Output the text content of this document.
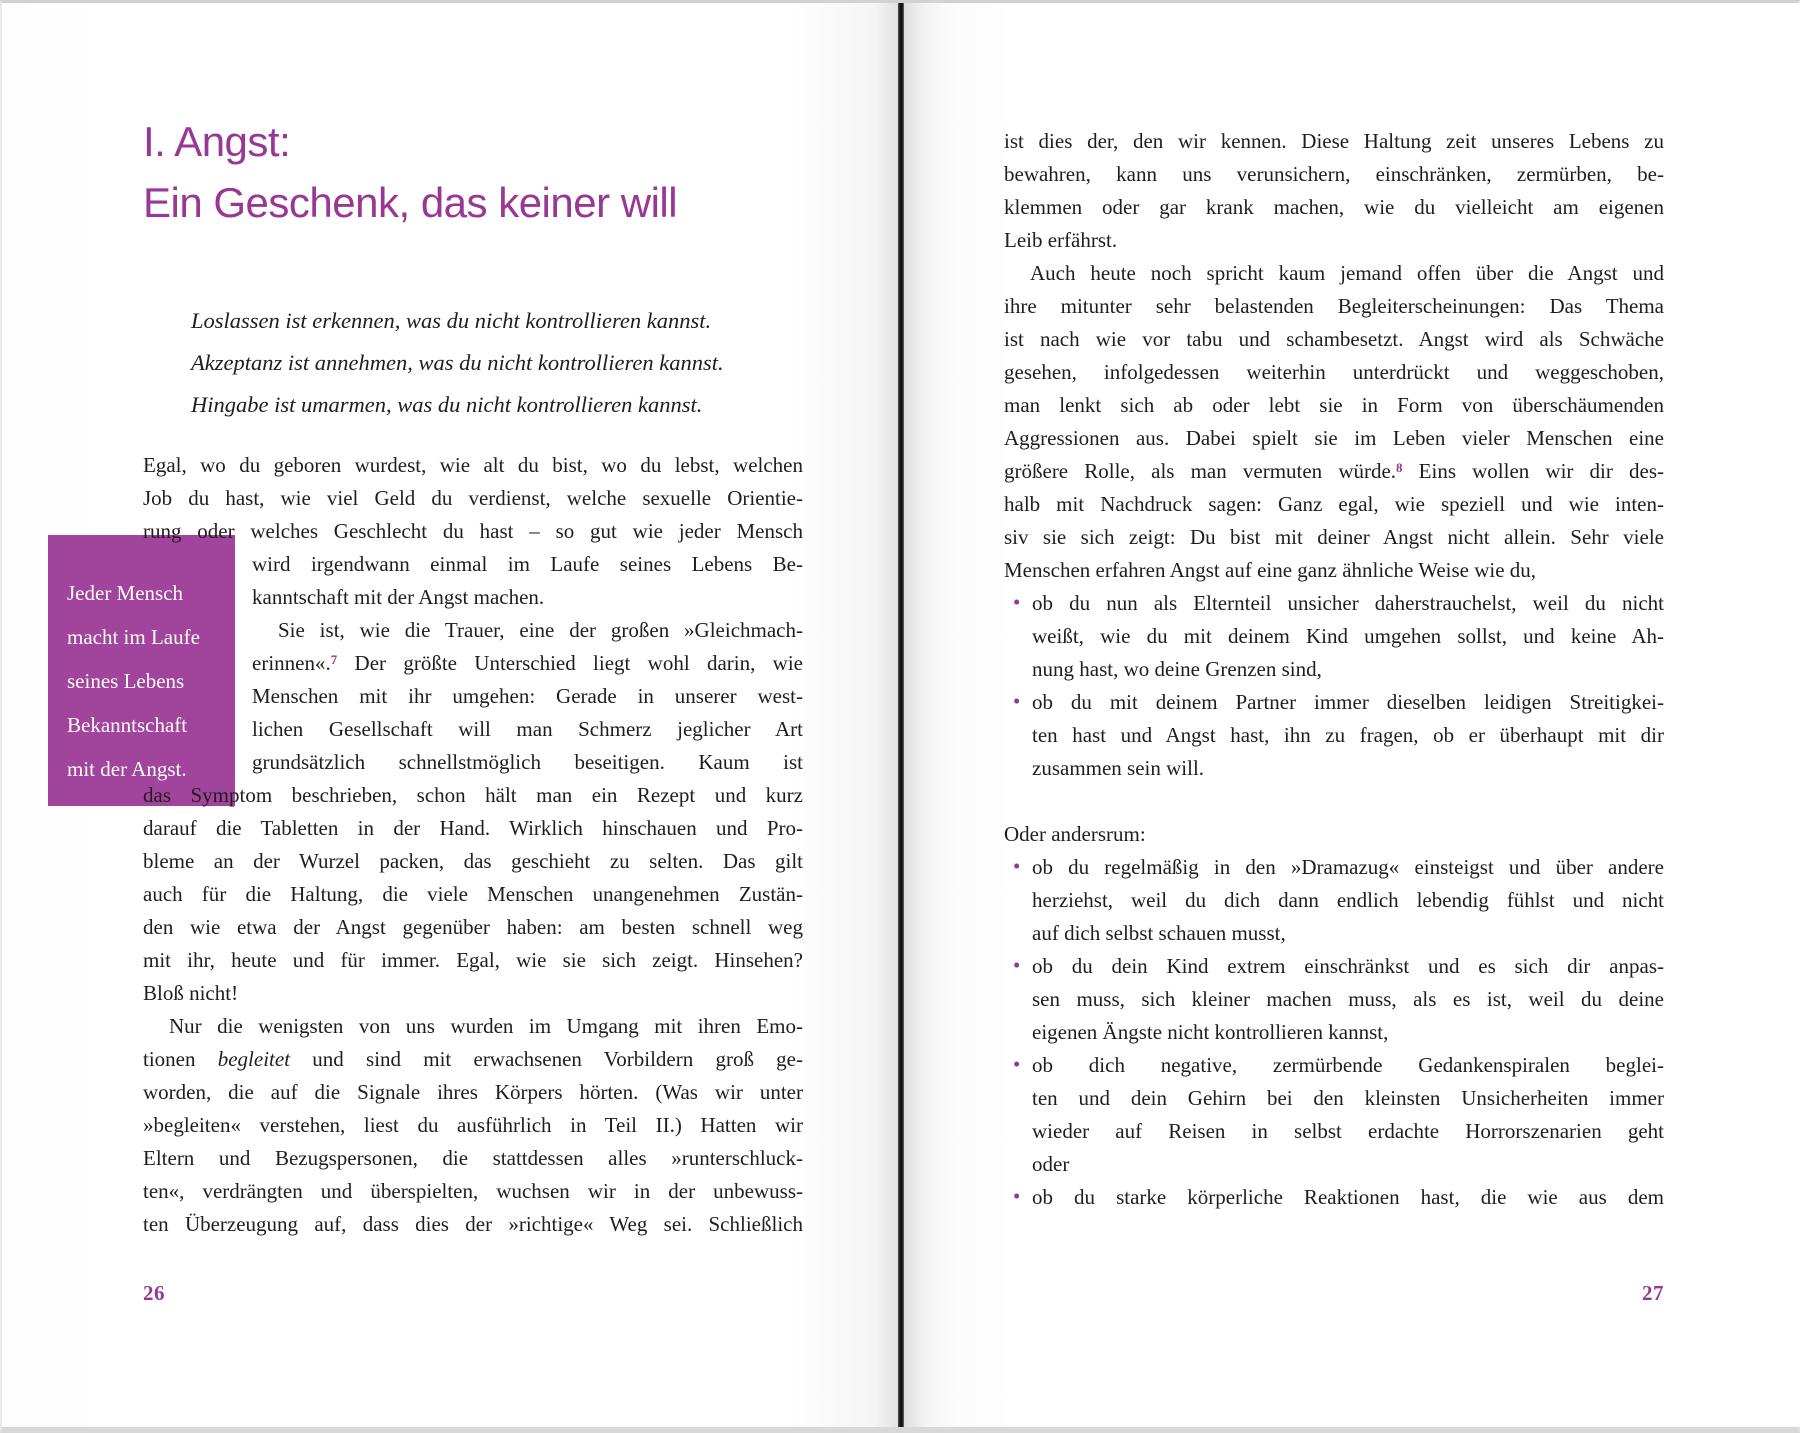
I. Angst:
Ein Geschenk, das keiner will
Loslassen ist erkennen, was du nicht kontrollieren kannst.
Akzeptanz ist annehmen, was du nicht kontrollieren kannst.
Hingabe ist umarmen, was du nicht kontrollieren kannst.
Jeder Mensch
macht im Laufe
seines Lebens
Bekanntschaft
mit der Angst.
Egal, wo du geboren wurdest, wie alt du bist, wo du lebst, welchen
Job du hast, wie viel Geld du verdienst, welche sexuelle Orientie-
rung oder welches Geschlecht du hast – so gut wie jeder Mensch
wird irgendwann einmal im Laufe seines Lebens Be-
kanntschaft mit der Angst machen.
Sie ist, wie die Trauer, eine der großen »Gleichmach-
erinnen«.$^7$ Der größte Unterschied liegt wohl darin, wie
Menschen mit ihr umgehen: Gerade in unserer west-
lichen Gesellschaft will man Schmerz jeglicher Art
grundsätzlich schnellstmöglich beseitigen. Kaum ist
das Symptom beschrieben, schon hält man ein Rezept und kurz
darauf die Tabletten in der Hand. Wirklich hinschauen und Pro-
bleme an der Wurzel packen, das geschieht zu selten. Das gilt
auch für die Haltung, die viele Menschen unangenehmen Zustän-
den wie etwa der Angst gegenüber haben: am besten schnell weg
mit ihr, heute und für immer. Egal, wie sie sich zeigt. Hinsehen?
Bloß nicht!
Nur die wenigsten von uns wurden im Umgang mit ihren Emo-
tionen begleitet und sind mit erwachsenen Vorbildern groß ge-
worden, die auf die Signale ihres Körpers hörten. (Was wir unter
»begleiten« verstehen, liest du ausführlich in Teil II.) Hatten wir
Eltern und Bezugspersonen, die stattdessen alles »runterschluck-
ten«, verdrängten und überspielten, wuchsen wir in der unbewuss-
ten Überzeugung auf, dass dies der »richtige« Weg sei. Schließlich
26
ist dies der, den wir kennen. Diese Haltung zeit unseres Lebens zu
bewahren, kann uns verunsichern, einschränken, zermürben, be-
klemmen oder gar krank machen, wie du vielleicht am eigenen
Leib erfährst.
Auch heute noch spricht kaum jemand offen über die Angst und
ihre mitunter sehr belastenden Begleiterscheinungen: Das Thema
ist nach wie vor tabu und schambesetzt. Angst wird als Schwäche
gesehen, infolgedessen weiterhin unterdrückt und weggeschoben,
man lenkt sich ab oder lebt sie in Form von überschäumenden
Aggressionen aus. Dabei spielt sie im Leben vieler Menschen eine
größere Rolle, als man vermuten würde.$^8$ Eins wollen wir dir des-
halb mit Nachdruck sagen: Ganz egal, wie speziell und wie inten-
siv sie sich zeigt: Du bist mit deiner Angst nicht allein. Sehr viele
Menschen erfahren Angst auf eine ganz ähnliche Weise wie du,
• ob du nun als Elternteil unsicher daherstrauchelst, weil du nicht
weißt, wie du mit deinem Kind umgehen sollst, und keine Ah-
nung hast, wo deine Grenzen sind,
• ob du mit deinem Partner immer dieselben leidigen Streitigkei-
ten hast und Angst hast, ihn zu fragen, ob er überhaupt mit dir
zusammen sein will.
Oder andersrum:
• ob du regelmäßig in den »Dramazug« einsteigst und über andere
herziehst, weil du dich dann endlich lebendig fühlst und nicht
auf dich selbst schauen musst,
• ob du dein Kind extrem einschränkst und es sich dir anpas-
sen muss, sich kleiner machen muss, als es ist, weil du deine
eigenen Ängste nicht kontrollieren kannst,
• ob dich negative, zermürbende Gedankenspiralen beglei-
ten und dein Gehirn bei den kleinsten Unsicherheiten immer
wieder auf Reisen in selbst erdachte Horrorszenarien geht
oder
• ob du starke körperliche Reaktionen hast, die wie aus dem
27
